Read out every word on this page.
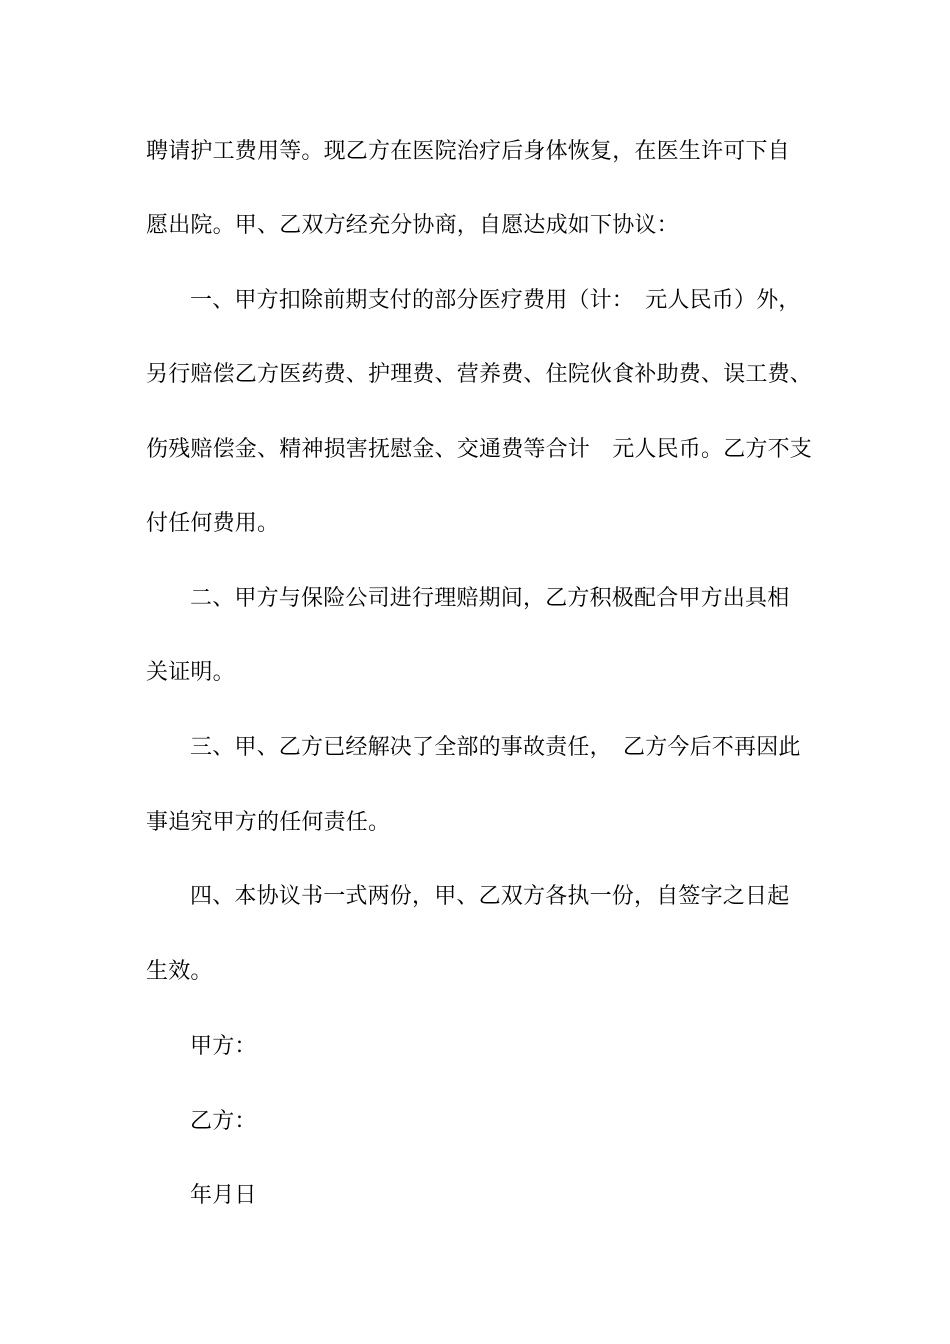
聘请护工费用等。现乙方在医院治疗后身体恢复，在医生许可下自
愿出院。甲、乙双方经充分协商，自愿达成如下协议：
一、甲方扣除前期支付的部分医疗费用（计：　元人民币）外，
另行赔偿乙方医药费、护理费、营养费、住院伙食补助费、误工费、
伤残赔偿金、精神损害抚慰金、交通费等合计　元人民币。乙方不支
付任何费用。
二、甲方与保险公司进行理赔期间，乙方积极配合甲方出具相
关证明。
三、甲、乙方已经解决了全部的事故责任，　乙方今后不再因此
事追究甲方的任何责任。
四、本协议书一式两份，甲、乙双方各执一份，自签字之日起
生效。
甲方：
乙方：
年月日
